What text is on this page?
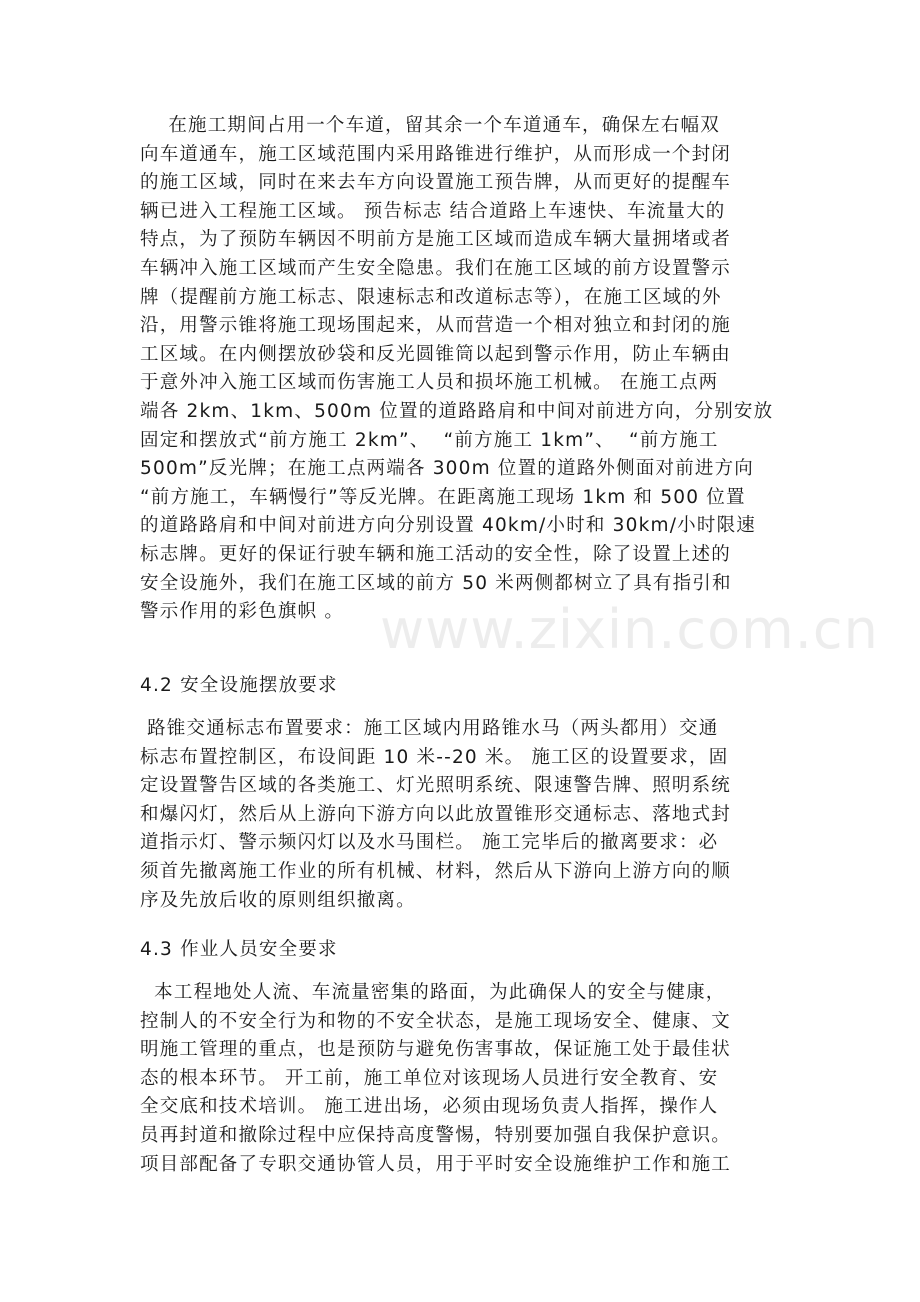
在施工期间占用一个车道，留其余一个车道通车，确保左右幅双
向车道通车，施工区域范围内采用路锥进行维护，从而形成一个封闭
的施工区域，同时在来去车方向设置施工预告牌，从而更好的提醒车
辆已进入工程施工区域。 预告标志 结合道路上车速快、车流量大的
特点，为了预防车辆因不明前方是施工区域而造成车辆大量拥堵或者
车辆冲入施工区域而产生安全隐患。我们在施工区域的前方设置警示
牌（提醒前方施工标志、限速标志和改道标志等），在施工区域的外
沿，用警示锥将施工现场围起来，从而营造一个相对独立和封闭的施
工区域。在内侧摆放砂袋和反光圆锥筒以起到警示作用，防止车辆由
于意外冲入施工区域而伤害施工人员和损坏施工机械。 在施工点两
端各 2km、1km、500m 位置的道路路肩和中间对前进方向，分别安放
固定和摆放式“前方施工 2km”、  “前方施工 1km”、  “前方施工
500m”反光牌；在施工点两端各 300m 位置的道路外侧面对前进方向
“前方施工，车辆慢行”等反光牌。在距离施工现场 1km 和 500 位置
的道路路肩和中间对前进方向分别设置 40km/小时和 30km/小时限速
标志牌。更好的保证行驶车辆和施工活动的安全性，除了设置上述的
安全设施外，我们在施工区域的前方 50 米两侧都树立了具有指引和
警示作用的彩色旗帜 。
4.2 安全设施摆放要求
路锥交通标志布置要求：施工区域内用路锥水马（两头都用）交通
标志布置控制区，布设间距 10 米--20 米。 施工区的设置要求，固
定设置警告区域的各类施工、灯光照明系统、限速警告牌、照明系统
和爆闪灯，然后从上游向下游方向以此放置锥形交通标志、落地式封
道指示灯、警示频闪灯以及水马围栏。 施工完毕后的撤离要求：必
须首先撤离施工作业的所有机械、材料，然后从下游向上游方向的顺
序及先放后收的原则组织撤离。
4.3 作业人员安全要求
本工程地处人流、车流量密集的路面，为此确保人的安全与健康，
控制人的不安全行为和物的不安全状态，是施工现场安全、健康、文
明施工管理的重点，也是预防与避免伤害事故，保证施工处于最佳状
态的根本环节。 开工前，施工单位对该现场人员进行安全教育、安
全交底和技术培训。 施工进出场，必须由现场负责人指挥，操作人
员再封道和撤除过程中应保持高度警惕，特别要加强自我保护意识。
项目部配备了专职交通协管人员，用于平时安全设施维护工作和施工
www.zixin.com.cn
